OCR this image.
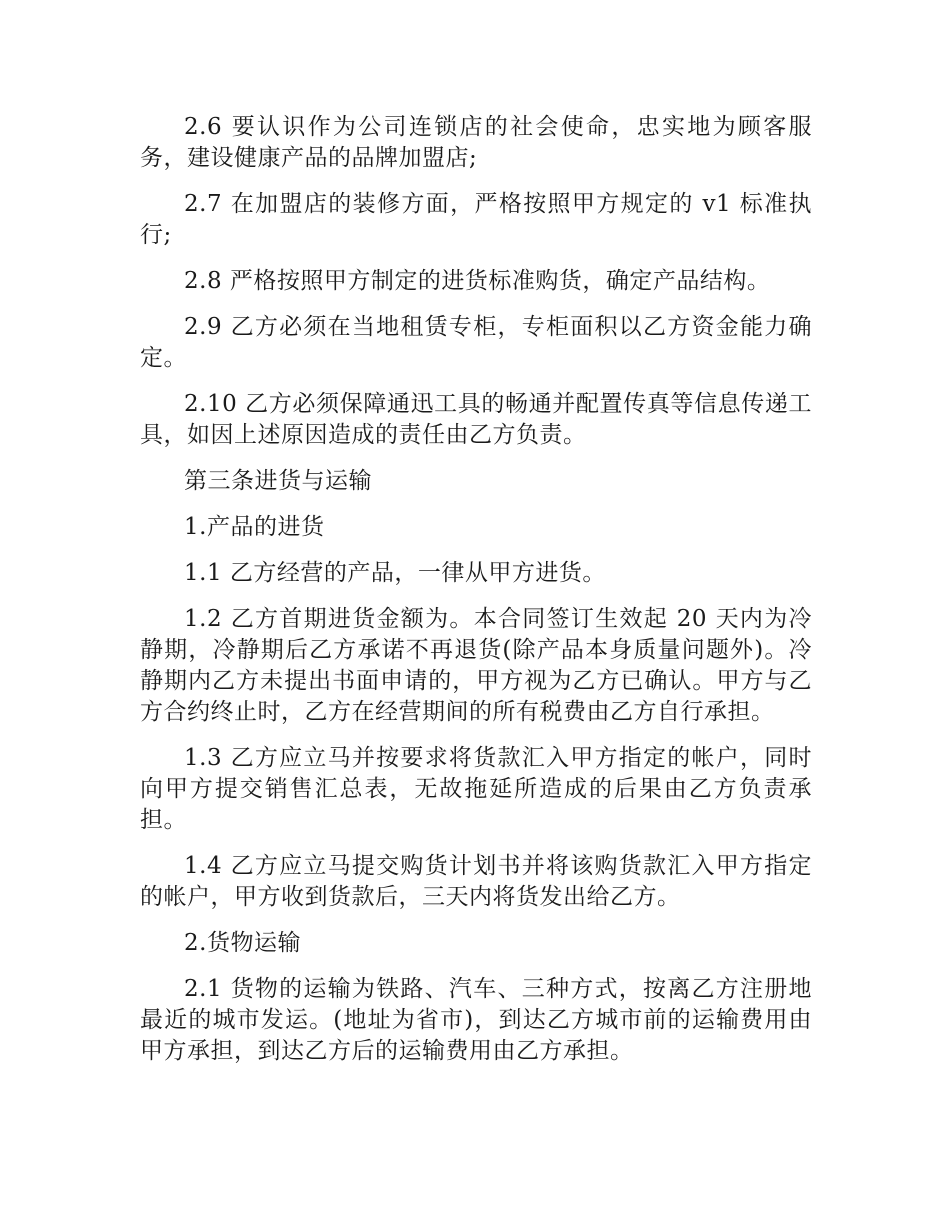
2.6 要认识作为公司连锁店的社会使命，忠实地为顾客服务，建设健康产品的品牌加盟店;

2.7 在加盟店的装修方面，严格按照甲方规定的 v1 标准执行;

2.8 严格按照甲方制定的进货标准购货，确定产品结构。

2.9 乙方必须在当地租赁专柜，专柜面积以乙方资金能力确定。

2.10 乙方必须保障通迅工具的畅通并配置传真等信息传递工具，如因上述原因造成的责任由乙方负责。

第三条进货与运输

1.产品的进货

1.1 乙方经营的产品，一律从甲方进货。

1.2 乙方首期进货金额为。本合同签订生效起 20 天内为冷静期，冷静期后乙方承诺不再退货(除产品本身质量问题外)。冷静期内乙方未提出书面申请的，甲方视为乙方已确认。甲方与乙方合约终止时，乙方在经营期间的所有税费由乙方自行承担。

1.3 乙方应立马并按要求将货款汇入甲方指定的帐户，同时向甲方提交销售汇总表，无故拖延所造成的后果由乙方负责承担。

1.4 乙方应立马提交购货计划书并将该购货款汇入甲方指定的帐户，甲方收到货款后，三天内将货发出给乙方。

2.货物运输

2.1 货物的运输为铁路、汽车、三种方式，按离乙方注册地最近的城市发运。(地址为省市)，到达乙方城市前的运输费用由甲方承担，到达乙方后的运输费用由乙方承担。
